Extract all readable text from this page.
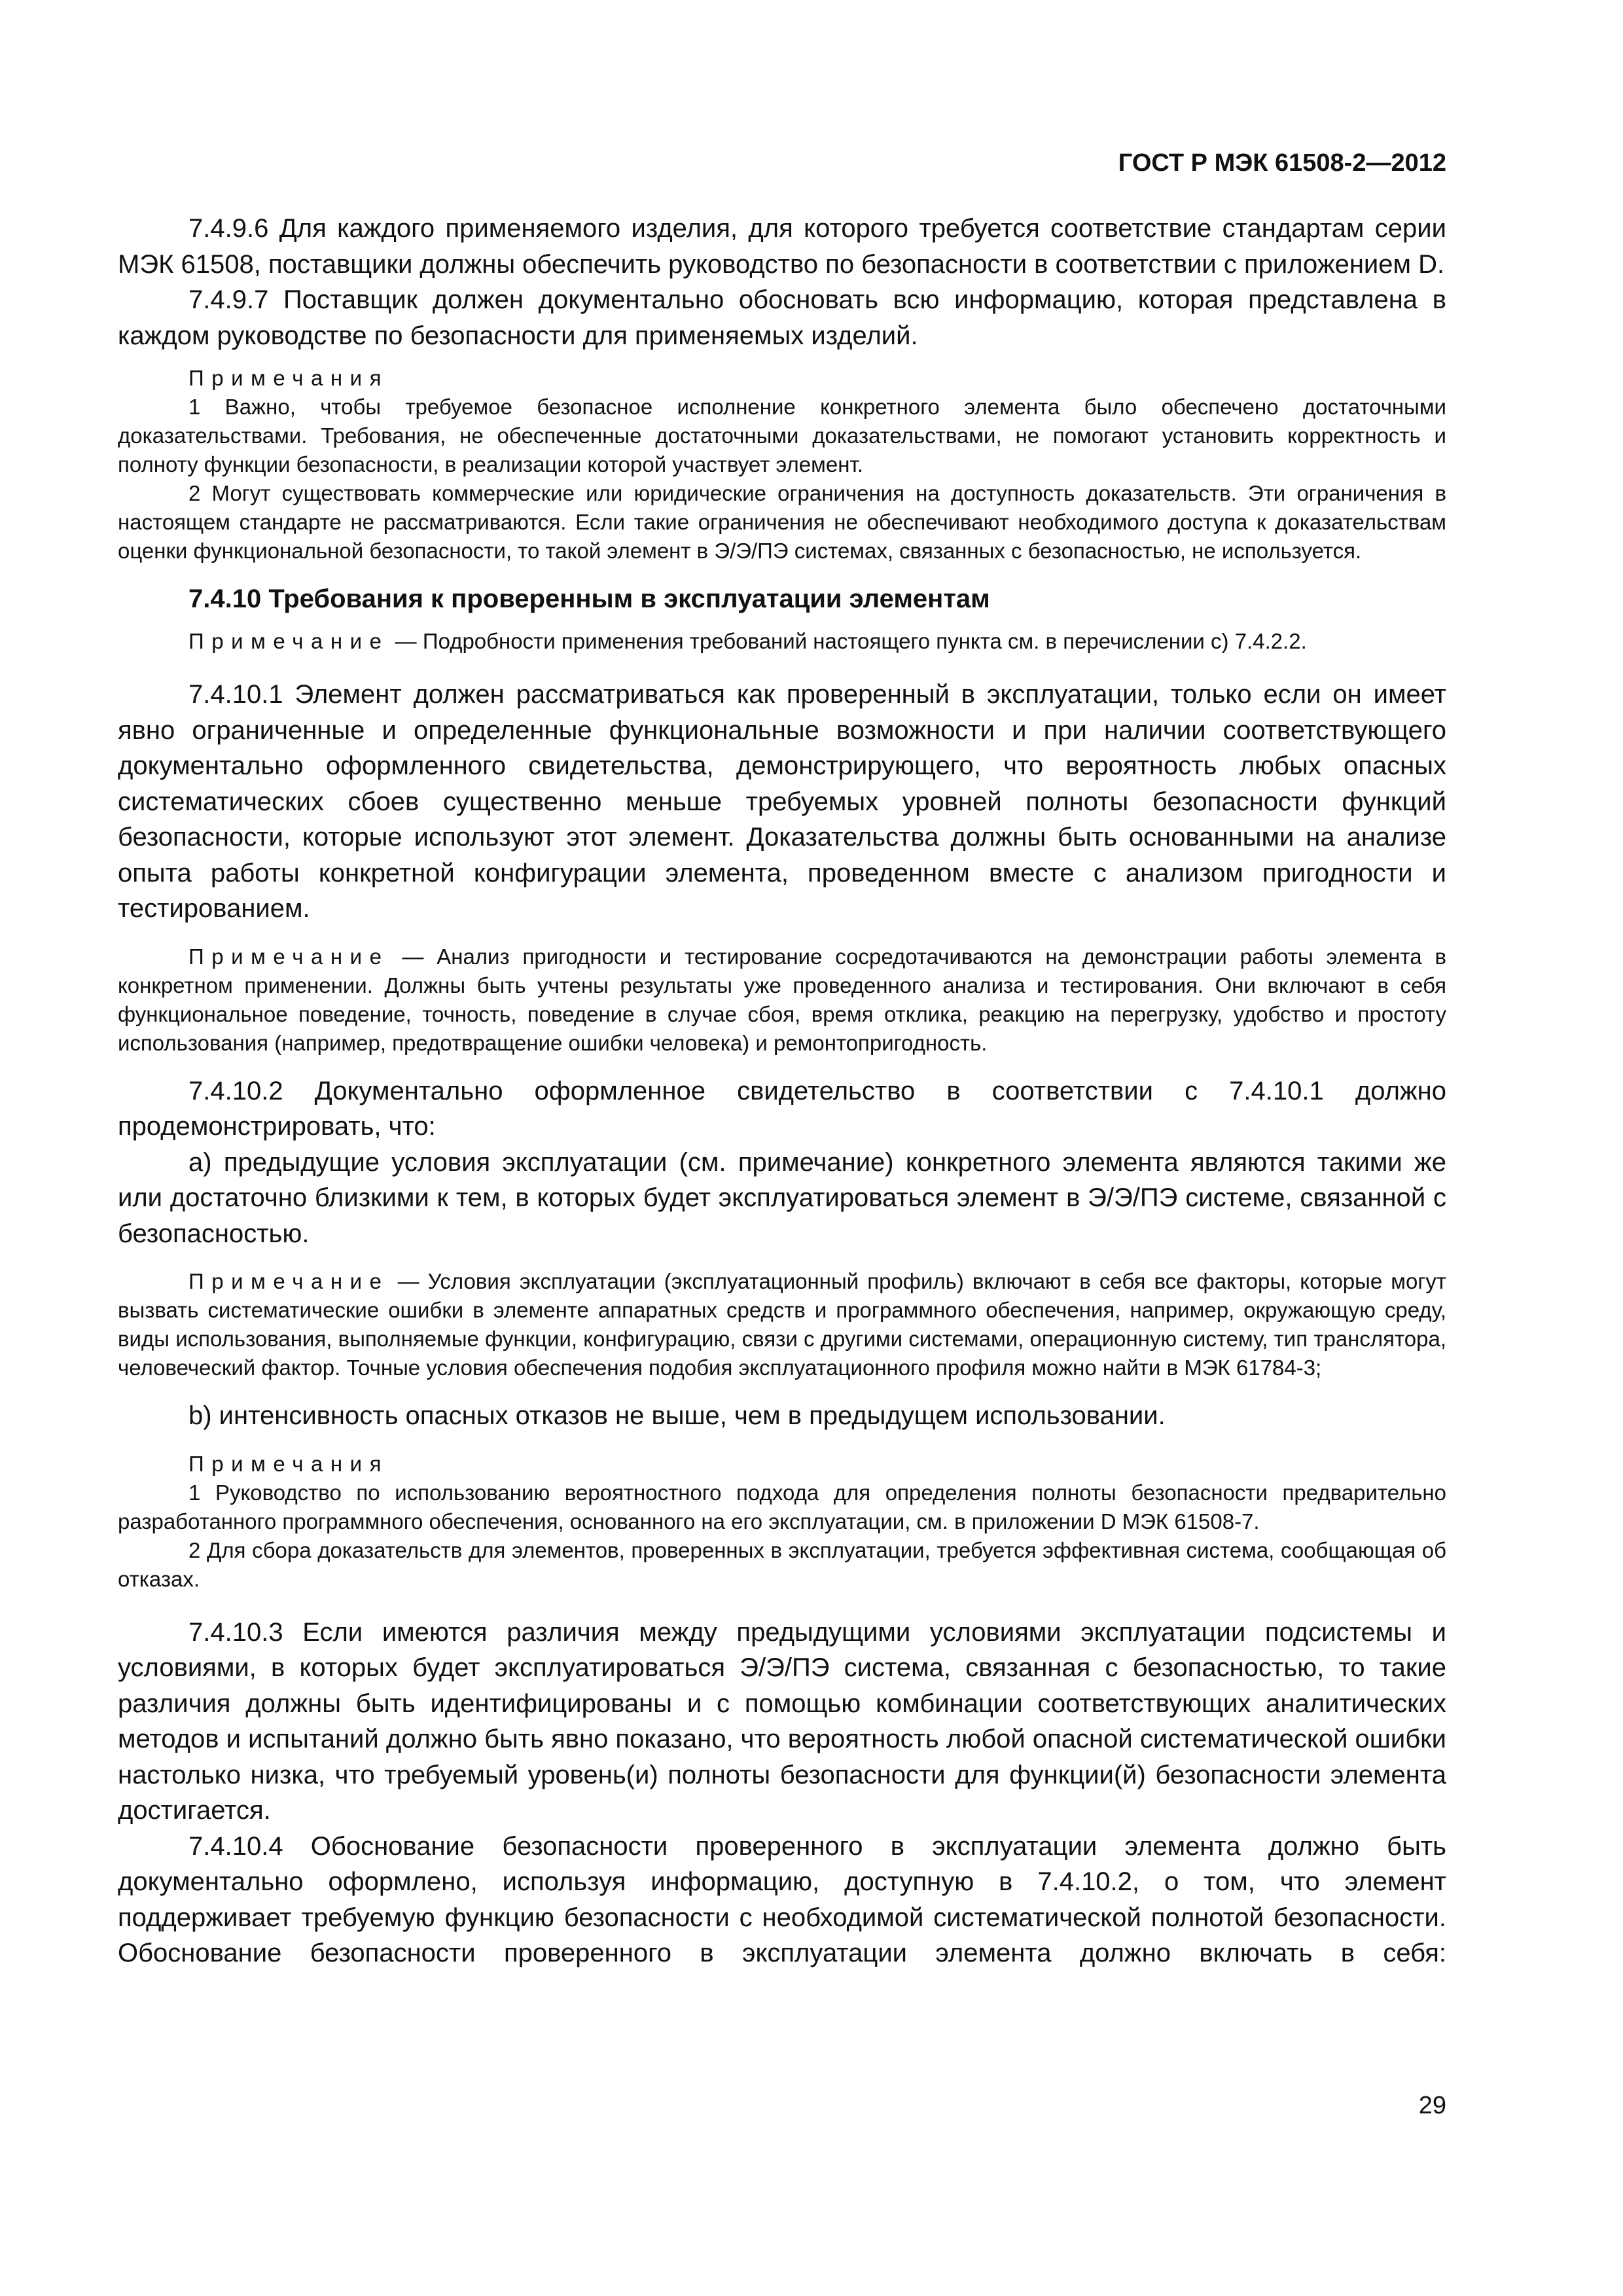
ГОСТ Р МЭК 61508-2—2012

7.4.9.6 Для каждого применяемого изделия, для которого требуется соответствие стандартам серии МЭК 61508, поставщики должны обеспечить руководство по безопасности в соответствии с приложением D.

7.4.9.7 Поставщик должен документально обосновать всю информацию, которая представлена в каждом руководстве по безопасности для применяемых изделий.

Примечания

1 Важно, чтобы требуемое безопасное исполнение конкретного элемента было обеспечено достаточными доказательствами. Требования, не обеспеченные достаточными доказательствами, не помогают установить корректность и полноту функции безопасности, в реализации которой участвует элемент.

2 Могут существовать коммерческие или юридические ограничения на доступность доказательств. Эти ограничения в настоящем стандарте не рассматриваются. Если такие ограничения не обеспечивают необходимого доступа к доказательствам оценки функциональной безопасности, то такой элемент в Э/Э/ПЭ системах, связанных с безопасностью, не используется.

7.4.10 Требования к проверенным в эксплуатации элементам

Примечание — Подробности применения требований настоящего пункта см. в перечислении с) 7.4.2.2.

7.4.10.1 Элемент должен рассматриваться как проверенный в эксплуатации, только если он имеет явно ограниченные и определенные функциональные возможности и при наличии соответствующего документально оформленного свидетельства, демонстрирующего, что вероятность любых опасных систематических сбоев существенно меньше требуемых уровней полноты безопасности функций безопасности, которые используют этот элемент. Доказательства должны быть основанными на анализе опыта работы конкретной конфигурации элемента, проведенном вместе с анализом пригодности и тестированием.

Примечание — Анализ пригодности и тестирование сосредотачиваются на демонстрации работы элемента в конкретном применении. Должны быть учтены результаты уже проведенного анализа и тестирования. Они включают в себя функциональное поведение, точность, поведение в случае сбоя, время отклика, реакцию на перегрузку, удобство и простоту использования (например, предотвращение ошибки человека) и ремонтопригодность.

7.4.10.2 Документально оформленное свидетельство в соответствии с 7.4.10.1 должно продемонстрировать, что:

a) предыдущие условия эксплуатации (см. примечание) конкретного элемента являются такими же или достаточно близкими к тем, в которых будет эксплуатироваться элемент в Э/Э/ПЭ системе, связанной с безопасностью.

Примечание — Условия эксплуатации (эксплуатационный профиль) включают в себя все факторы, которые могут вызвать систематические ошибки в элементе аппаратных средств и программного обеспечения, например, окружающую среду, виды использования, выполняемые функции, конфигурацию, связи с другими системами, операционную систему, тип транслятора, человеческий фактор. Точные условия обеспечения подобия эксплуатационного профиля можно найти в МЭК 61784-3;

b) интенсивность опасных отказов не выше, чем в предыдущем использовании.

Примечания

1 Руководство по использованию вероятностного подхода для определения полноты безопасности предварительно разработанного программного обеспечения, основанного на его эксплуатации, см. в приложении D МЭК 61508-7.

2 Для сбора доказательств для элементов, проверенных в эксплуатации, требуется эффективная система, сообщающая об отказах.

7.4.10.3 Если имеются различия между предыдущими условиями эксплуатации подсистемы и условиями, в которых будет эксплуатироваться Э/Э/ПЭ система, связанная с безопасностью, то такие различия должны быть идентифицированы и с помощью комбинации соответствующих аналитических методов и испытаний должно быть явно показано, что вероятность любой опасной систематической ошибки настолько низка, что требуемый уровень(и) полноты безопасности для функции(й) безопасности элемента достигается.

7.4.10.4 Обоснование безопасности проверенного в эксплуатации элемента должно быть документально оформлено, используя информацию, доступную в 7.4.10.2, о том, что элемент поддерживает требуемую функцию безопасности с необходимой систематической полнотой безопасности. Обоснование безопасности проверенного в эксплуатации элемента должно включать в себя:

29
